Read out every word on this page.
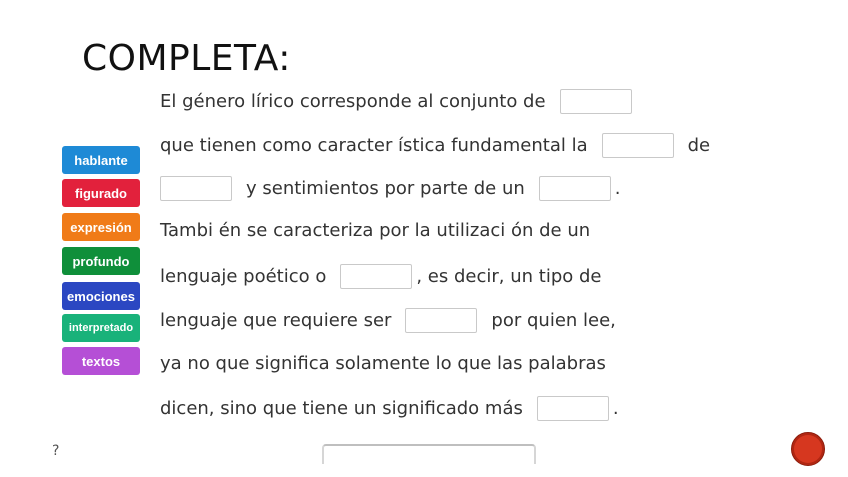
COMPLETA:
hablante
figurado
expresión
profundo
emociones
interpretado
textos
El género lírico corresponde al conjunto de
que tienen como caracter ística fundamental la	de
y sentimientos por parte de un	.
Tambi én se caracteriza por la utilizaci ón de un
lenguaje poético o	, es decir, un tipo de
lenguaje que requiere ser	por quien lee,
ya no que significa solamente lo que las palabras
dicen, sino que tiene un significado más	.
?
